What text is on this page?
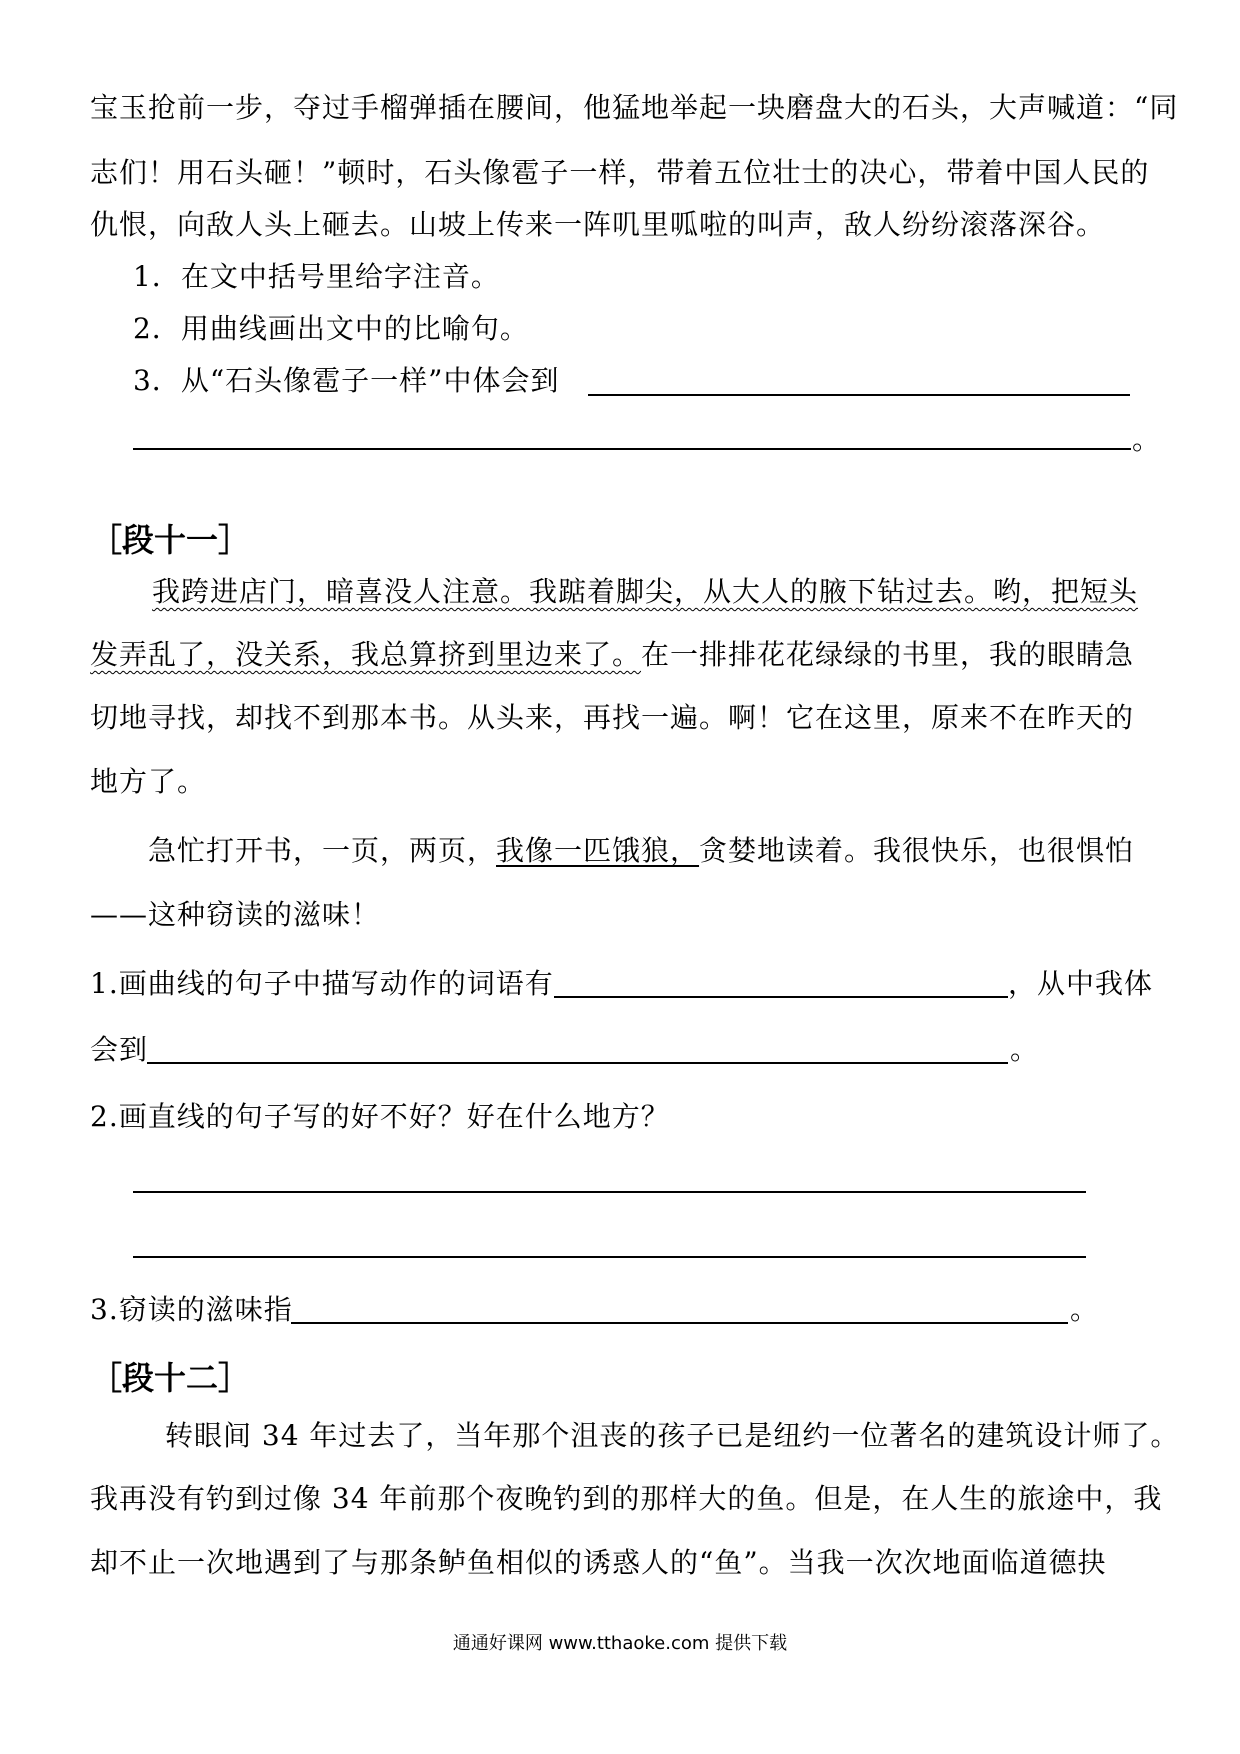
宝玉抢前一步，夺过手榴弹插在腰间，他猛地举起一块磨盘大的石头，大声喊道：“同
志们！用石头砸！”顿时，石头像雹子一样，带着五位壮士的决心，带着中国人民的
仇恨，向敌人头上砸去。山坡上传来一阵叽里呱啦的叫声，敌人纷纷滚落深谷。
1．在文中括号里给字注音。
2．用曲线画出文中的比喻句。
3．从“石头像雹子一样”中体会到
。
［段十一］
我跨进店门，暗喜没人注意。我踮着脚尖，从大人的腋下钻过去。哟，把短头
发弄乱了，没关系，我总算挤到里边来了。在一排排花花绿绿的书里，我的眼睛急
切地寻找，却找不到那本书。从头来，再找一遍。啊！它在这里，原来不在昨天的
地方了。
急忙打开书，一页，两页，我像一匹饿狼，贪婪地读着。我很快乐，也很惧怕
——这种窃读的滋味！
1.画曲线的句子中描写动作的词语有	，从中我体
会到	。
2.画直线的句子写的好不好？好在什么地方？
3.窃读的滋味指	。
［段十二］
转眼间 34 年过去了，当年那个沮丧的孩子已是纽约一位著名的建筑设计师了。
我再没有钓到过像 34 年前那个夜晚钓到的那样大的鱼。但是，在人生的旅途中，我
却不止一次地遇到了与那条鲈鱼相似的诱惑人的“鱼”。当我一次次地面临道德抉
通通好课网 www.tthaoke.com 提供下载
